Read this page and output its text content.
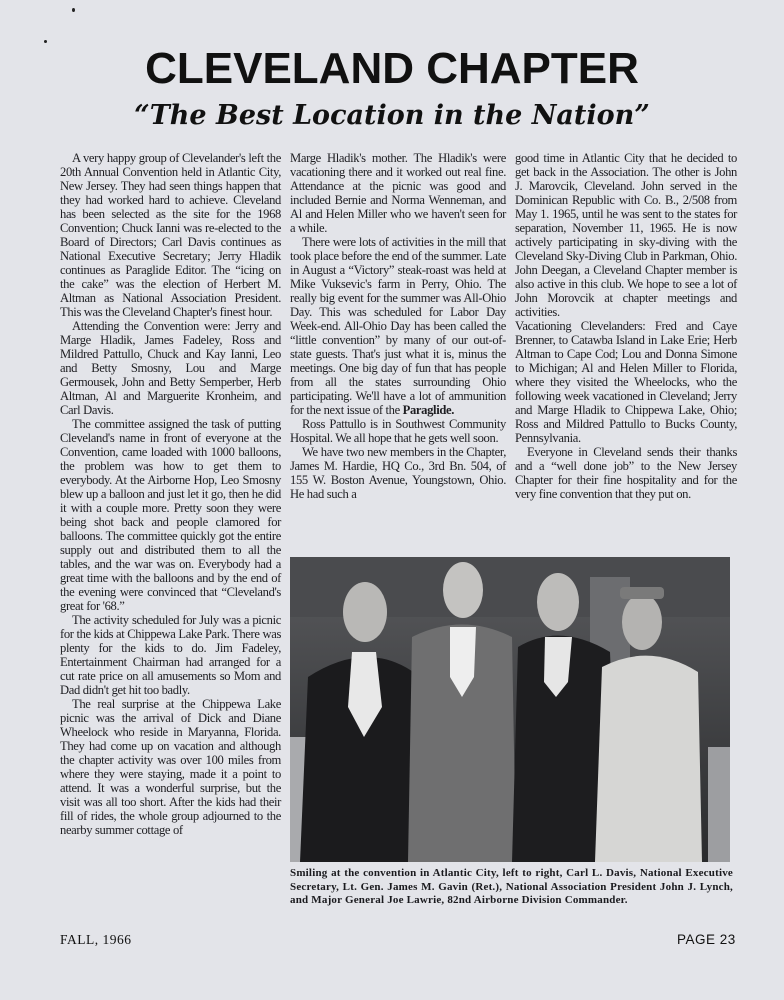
CLEVELAND CHAPTER
“The Best Location in the Nation”

A very happy group of Clevelander's left the 20th Annual Convention held in Atlantic City, New Jersey. They had seen things happen that they had worked hard to achieve. Cleveland has been selected as the site for the 1968 Convention; Chuck Ianni was re-elected to the Board of Directors; Carl Davis continues as National Executive Secretary; Jerry Hladik continues as Paraglide Editor. The “icing on the cake” was the election of Herbert M. Altman as National Association President. This was the Cleveland Chapter's finest hour.

Attending the Convention were: Jerry and Marge Hladik, James Fadeley, Ross and Mildred Pattullo, Chuck and Kay Ianni, Leo and Betty Smosny, Lou and Marge Germousek, John and Betty Semperber, Herb Altman, Al and Marguerite Kronheim, and Carl Davis.

The committee assigned the task of putting Cleveland's name in front of everyone at the Convention, came loaded with 1000 balloons, the problem was how to get them to everybody. At the Airborne Hop, Leo Smosny blew up a balloon and just let it go, then he did it with a couple more. Pretty soon they were being shot back and people clamored for balloons. The committee quickly got the entire supply out and distributed them to all the tables, and the war was on. Everybody had a great time with the balloons and by the end of the evening were convinced that “Cleveland's great for '68.”

The activity scheduled for July was a picnic for the kids at Chippewa Lake Park. There was plenty for the kids to do. Jim Fadeley, Entertainment Chairman had arranged for a cut rate price on all amusements so Mom and Dad didn't get hit too badly.

The real surprise at the Chippewa Lake picnic was the arrival of Dick and Diane Wheelock who reside in Maryanna, Florida. They had come up on vacation and although the chapter activity was over 100 miles from where they were staying, made it a point to attend. It was a wonderful surprise, but the visit was all too short. After the kids had their fill of rides, the whole group adjourned to the nearby summer cottage of

Marge Hladik's mother. The Hladik's were vacationing there and it worked out real fine. Attendance at the picnic was good and included Bernie and Norma Wenneman, and Al and Helen Miller who we haven't seen for a while.

There were lots of activities in the mill that took place before the end of the summer. Late in August a “Victory” steak-roast was held at Mike Vuksevic's farm in Perry, Ohio. The really big event for the summer was All-Ohio Day. This was scheduled for Labor Day Week-end. All-Ohio Day has been called the “little convention” by many of our out-of-state guests. That's just what it is, minus the meetings. One big day of fun that has people from all the states surrounding Ohio participating. We'll have a lot of ammunition for the next issue of the Paraglide.

Ross Pattullo is in Southwest Community Hospital. We all hope that he gets well soon.

We have two new members in the Chapter, James M. Hardie, HQ Co., 3rd Bn. 504, of 155 W. Boston Avenue, Youngstown, Ohio. He had such a

good time in Atlantic City that he decided to get back in the Association. The other is John J. Marovcik, Cleveland. John served in the Dominican Republic with Co. B., 2/508 from May 1. 1965, until he was sent to the states for separation, November 11, 1965. He is now actively participating in sky-diving with the Cleveland Sky-Diving Club in Parkman, Ohio. John Deegan, a Cleveland Chapter member is also active in this club. We hope to see a lot of John Morovcik at chapter meetings and activities.

Vacationing Clevelanders: Fred and Caye Brenner, to Catawba Island in Lake Erie; Herb Altman to Cape Cod; Lou and Donna Simone to Michigan; Al and Helen Miller to Florida, where they visited the Wheelocks, who the following week vacationed in Cleveland; Jerry and Marge Hladik to Chippewa Lake, Ohio; Ross and Mildred Pattullo to Bucks County, Pennsylvania.

Everyone in Cleveland sends their thanks and a “well done job” to the New Jersey Chapter for their fine hospitality and for the very fine convention that they put on.

Smiling at the convention in Atlantic City, left to right, Carl L. Davis, National Executive Secretary, Lt. Gen. James M. Gavin (Ret.), National Association President John J. Lynch, and Major General Joe Lawrie, 82nd Airborne Division Commander.
FALL, 1966	PAGE 23
